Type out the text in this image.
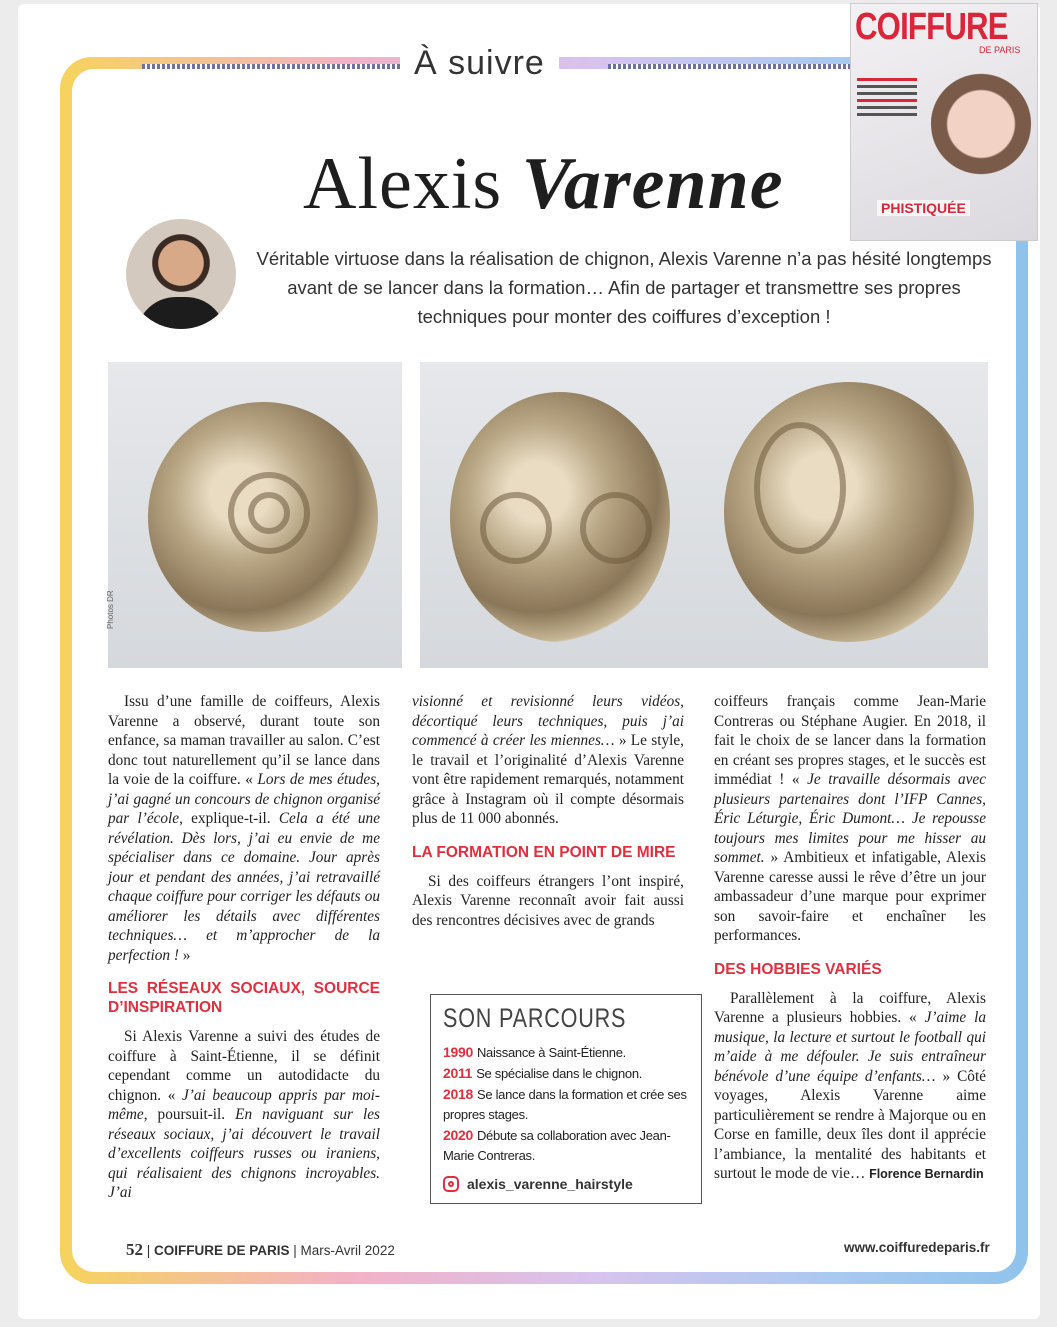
À suivre
Alexis Varenne
Véritable virtuose dans la réalisation de chignon, Alexis Varenne n’a pas hésité longtemps avant de se lancer dans la formation… Afin de partager et transmettre ses propres techniques pour monter des coiffures d’exception !
Photos DR

Issu d’une famille de coiffeurs, Alexis Varenne a observé, durant toute son enfance, sa maman travailler au salon. C’est donc tout naturellement qu’il se lance dans la voie de la coiffure. « Lors de mes études, j’ai gagné un concours de chignon organisé par l’école, explique-t-il. Cela a été une révélation. Dès lors, j’ai eu envie de me spécialiser dans ce domaine. Jour après jour et pendant des années, j’ai retravaillé chaque coiffure pour corriger les défauts ou améliorer les détails avec différentes techniques… et m’approcher de la perfection ! »

LES RÉSEAUX SOCIAUX, SOURCE D’INSPIRATION

Si Alexis Varenne a suivi des études de coiffure à Saint-Étienne, il se définit cependant comme un autodidacte du chignon. « J’ai beaucoup appris par moi-même, poursuit-il. En naviguant sur les réseaux sociaux, j’ai découvert le travail d’excellents coiffeurs russes ou iraniens, qui réalisaient des chignons incroyables. J’ai

visionné et revisionné leurs vidéos, décortiqué leurs techniques, puis j’ai commencé à créer les miennes… » Le style, le travail et l’originalité d’Alexis Varenne vont être rapidement remarqués, notamment grâce à Instagram où il compte désormais plus de 11 000 abonnés.

LA FORMATION EN POINT DE MIRE

Si des coiffeurs étrangers l’ont inspiré, Alexis Varenne reconnaît avoir fait aussi des rencontres décisives avec de grands

SON PARCOURS
1990 Naissance à Saint-Étienne.
2011 Se spécialise dans le chignon.
2018 Se lance dans la formation et crée ses propres stages.
2020 Débute sa collaboration avec Jean-Marie Contreras.
alexis_varenne_hairstyle

coiffeurs français comme Jean-Marie Contreras ou Stéphane Augier. En 2018, il fait le choix de se lancer dans la formation en créant ses propres stages, et le succès est immédiat ! « Je travaille désormais avec plusieurs partenaires dont l’IFP Cannes, Éric Léturgie, Éric Dumont… Je repousse toujours mes limites pour me hisser au sommet. » Ambitieux et infatigable, Alexis Varenne caresse aussi le rêve d’être un jour ambassadeur d’une marque pour exprimer son savoir-faire et enchaîner les performances.

DES HOBBIES VARIÉS

Parallèlement à la coiffure, Alexis Varenne a plusieurs hobbies. « J’aime la musique, la lecture et surtout le football qui m’aide à me défouler. Je suis entraîneur bénévole d’une équipe d’enfants… » Côté voyages, Alexis Varenne aime particulièrement se rendre à Majorque ou en Corse en famille, deux îles dont il apprécie l’ambiance, la mentalité des habitants et surtout le mode de vie… Florence Bernardin

52 | COIFFURE DE PARIS | Mars-Avril 2022	www.coiffuredeparis.fr
COIFFURE
DE PARIS
PHISTIQUÉE
